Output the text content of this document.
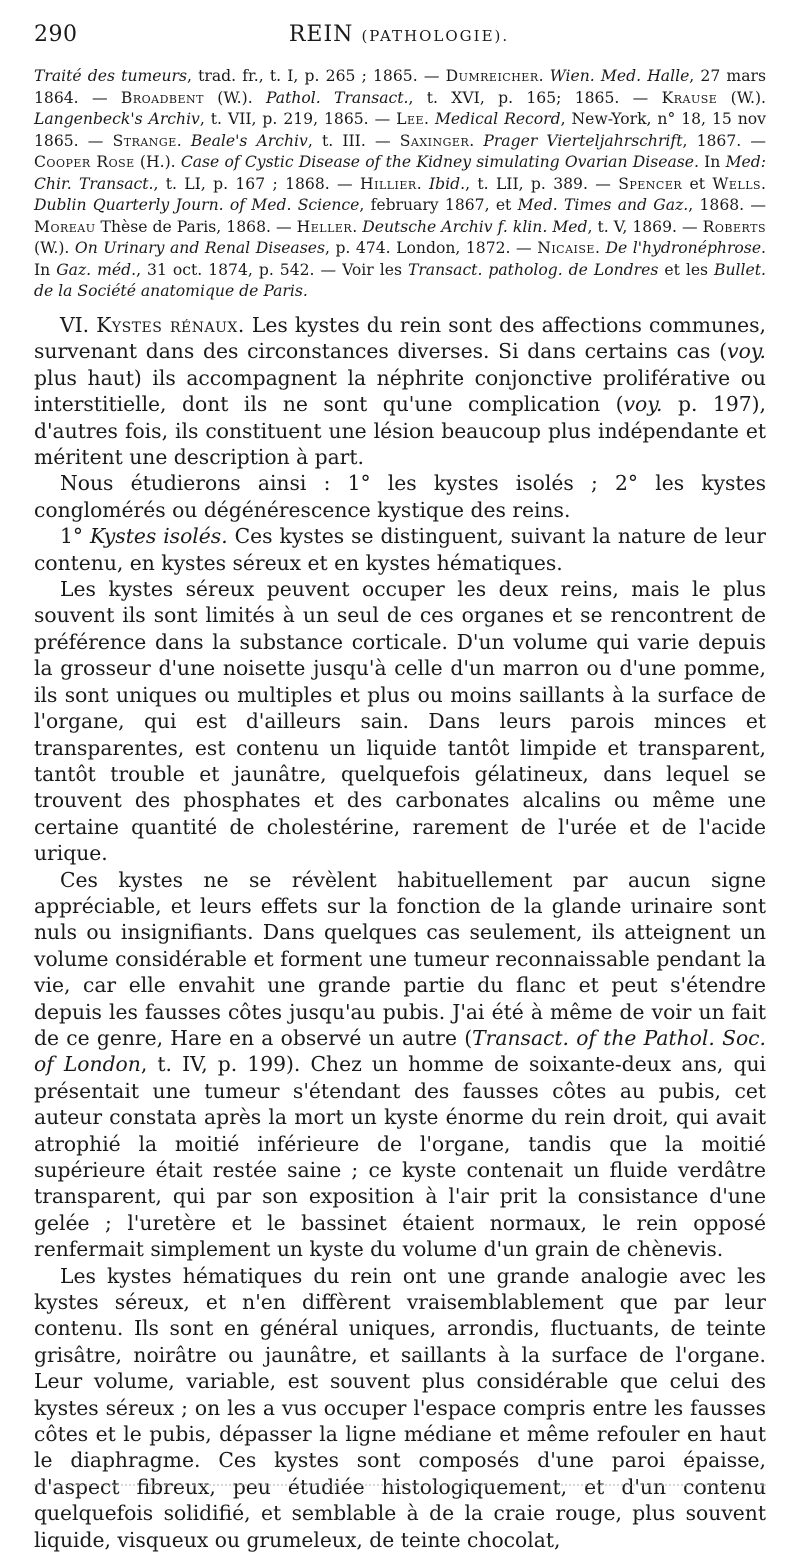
290	REIN (PATHOLOGIE).

Traité des tumeurs, trad. fr., t. I, p. 265 ; 1865. — Dumreicher. Wien. Med. Halle, 27 mars 1864. — Broadbent (W.). Pathol. Transact., t. XVI, p. 165; 1865. — Krause (W.). Langenbeck's Archiv, t. VII, p. 219, 1865. — Lee. Medical Record, New-York, n° 18, 15 nov 1865. — Strange. Beale's Archiv, t. III. — Saxinger. Prager Vierteljahrschrift, 1867. — Cooper Rose (H.). Case of Cystic Disease of the Kidney simulating Ovarian Disease. In Med: Chir. Transact., t. LI, p. 167 ; 1868. — Hillier. Ibid., t. LII, p. 389. — Spencer et Wells. Dublin Quarterly Journ. of Med. Science, february 1867, et Med. Times and Gaz., 1868. — Moreau Thèse de Paris, 1868. — Heller. Deutsche Archiv f. klin. Med, t. V, 1869. — Roberts (W.). On Urinary and Renal Diseases, p. 474. London, 1872. — Nicaise. De l'hydronéphrose. In Gaz. méd., 31 oct. 1874, p. 542. — Voir les Transact. patholog. de Londres et les Bullet. de la Société anatomique de Paris.

VI. Kystes rénaux. Les kystes du rein sont des affections communes, survenant dans des circonstances diverses. Si dans certains cas (voy. plus haut) ils accompagnent la néphrite conjonctive proliférative ou interstitielle, dont ils ne sont qu'une complication (voy. p. 197), d'autres fois, ils constituent une lésion beaucoup plus indépendante et méritent une description à part.

Nous étudierons ainsi : 1° les kystes isolés ; 2° les kystes conglomérés ou dégénérescence kystique des reins.

1° Kystes isolés. Ces kystes se distinguent, suivant la nature de leur contenu, en kystes séreux et en kystes hématiques.

Les kystes séreux peuvent occuper les deux reins, mais le plus souvent ils sont limités à un seul de ces organes et se rencontrent de préférence dans la substance corticale. D'un volume qui varie depuis la grosseur d'une noisette jusqu'à celle d'un marron ou d'une pomme, ils sont uniques ou multiples et plus ou moins saillants à la surface de l'organe, qui est d'ailleurs sain. Dans leurs parois minces et transparentes, est contenu un liquide tantôt limpide et transparent, tantôt trouble et jaunâtre, quelquefois gélatineux, dans lequel se trouvent des phosphates et des carbonates alcalins ou même une certaine quantité de cholestérine, rarement de l'urée et de l'acide urique.

Ces kystes ne se révèlent habituellement par aucun signe appréciable, et leurs effets sur la fonction de la glande urinaire sont nuls ou insignifiants. Dans quelques cas seulement, ils atteignent un volume considérable et forment une tumeur reconnaissable pendant la vie, car elle envahit une grande partie du flanc et peut s'étendre depuis les fausses côtes jusqu'au pubis. J'ai été à même de voir un fait de ce genre, Hare en a observé un autre (Transact. of the Pathol. Soc. of London, t. IV, p. 199). Chez un homme de soixante-deux ans, qui présentait une tumeur s'étendant des fausses côtes au pubis, cet auteur constata après la mort un kyste énorme du rein droit, qui avait atrophié la moitié inférieure de l'organe, tandis que la moitié supérieure était restée saine ; ce kyste contenait un fluide verdâtre transparent, qui par son exposition à l'air prit la consistance d'une gelée ; l'uretère et le bassinet étaient normaux, le rein opposé renfermait simplement un kyste du volume d'un grain de chènevis.

Les kystes hématiques du rein ont une grande analogie avec les kystes séreux, et n'en diffèrent vraisemblablement que par leur contenu. Ils sont en général uniques, arrondis, fluctuants, de teinte grisâtre, noirâtre ou jaunâtre, et saillants à la surface de l'organe. Leur volume, variable, est souvent plus considérable que celui des kystes séreux ; on les a vus occuper l'espace compris entre les fausses côtes et le pubis, dépasser la ligne médiane et même refouler en haut le diaphragme. Ces kystes sont composés d'une paroi épaisse, d'aspect fibreux, peu étudiée histologiquement, et d'un contenu quelquefois solidifié, et semblable à de la craie rouge, plus souvent liquide, visqueux ou grumeleux, de teinte chocolat,
